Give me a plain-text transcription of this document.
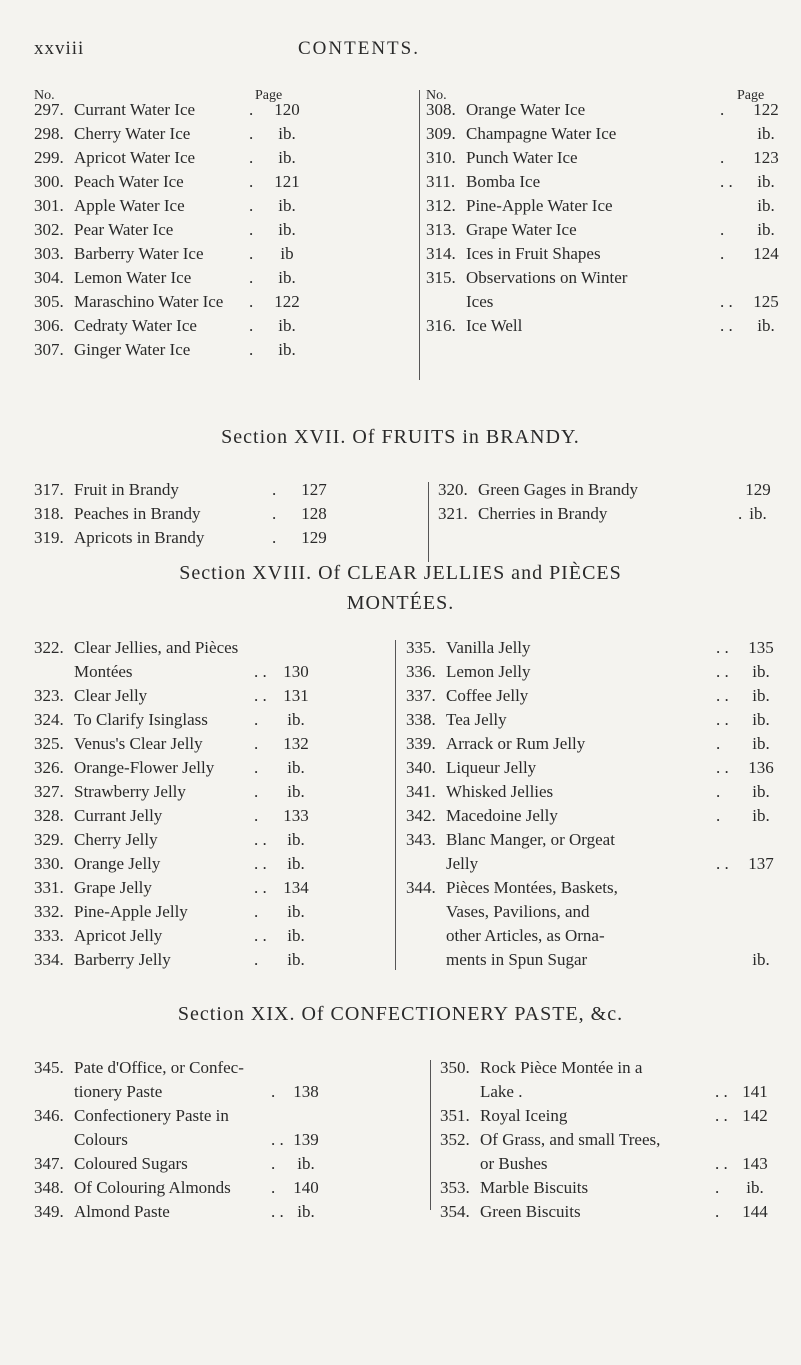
xxviii	CONTENTS.
No.	Page	No.	Page
297. Currant Water Ice	.	120
298. Cherry Water Ice	.	ib.
299. Apricot Water Ice	.	ib.
300. Peach Water Ice	.	121
301. Apple Water Ice	.	ib.
302. Pear Water Ice	.	ib.
303. Barberry Water Ice	.	ib
304. Lemon Water Ice	.	ib.
305. Maraschino Water Ice .	122
306. Cedraty Water Ice	.	ib.
307. Ginger Water Ice	.	ib.
308. Orange Water Ice	.	122
309. Champagne Water Ice	ib.
310. Punch Water Ice	.	123
311. Bomba Ice	. .	ib.
312. Pine-Apple Water Ice	ib.
313. Grape Water Ice	.	ib.
314. Ices in Fruit Shapes	.	124
315. Observations on Winter
Ices	. .	125
316. Ice Well	. .	ib.
Section XVII. Of FRUITS in BRANDY.
317. Fruit in Brandy	.	127
318. Peaches in Brandy	.	128
319. Apricots in Brandy	.	129
320. Green Gages in Brandy	129
321. Cherries in Brandy	. ib.
Section XVIII. Of CLEAR JELLIES and PIÈCES
MONTÉES.
322. Clear Jellies, and Pièces
Montées	. . 130
323. Clear Jelly	. . 131
324. To Clarify Isinglass	.	ib.
325. Venus's Clear Jelly	.	132
326. Orange-Flower Jelly .	ib.
327. Strawberry Jelly	.	ib.
328. Currant Jelly	.	133
329. Cherry Jelly	. .	ib.
330. Orange Jelly	. .	ib.
331. Grape Jelly	. . 134
332. Pine-Apple Jelly	.	ib.
333. Apricot Jelly	. .	ib.
334. Barberry Jelly	.	ib.
335. Vanilla Jelly	. .	135
336. Lemon Jelly	. .	ib.
337. Coffee Jelly	. .	ib.
338. Tea Jelly	. .	ib.
339. Arrack or Rum Jelly	.	ib.
340. Liqueur Jelly	. .	136
341. Whisked Jellies	.	ib.
342. Macedoine Jelly	.	ib.
343. Blanc Manger, or Orgeat
Jelly	. .	137
344. Pièces Montées, Baskets,
Vases, Pavilions, and
other Articles, as Orna-
ments in Spun Sugar	ib.
Section XIX. Of CONFECTIONERY PASTE, &c.
345. Pate d'Office, or Confec-
tionery Paste	.	138
346. Confectionery Paste in
Colours	. . 139
347. Coloured Sugars	.	ib.
348. Of Colouring Almonds .	140
349. Almond Paste	. . ib.
350. Rock Pièce Montée in a
Lake .	. . 141
351. Royal Iceing	. . 142
352. Of Grass, and small Trees,
or Bushes	. . 143
353. Marble Biscuits	.	ib.
354. Green Biscuits	.	144
